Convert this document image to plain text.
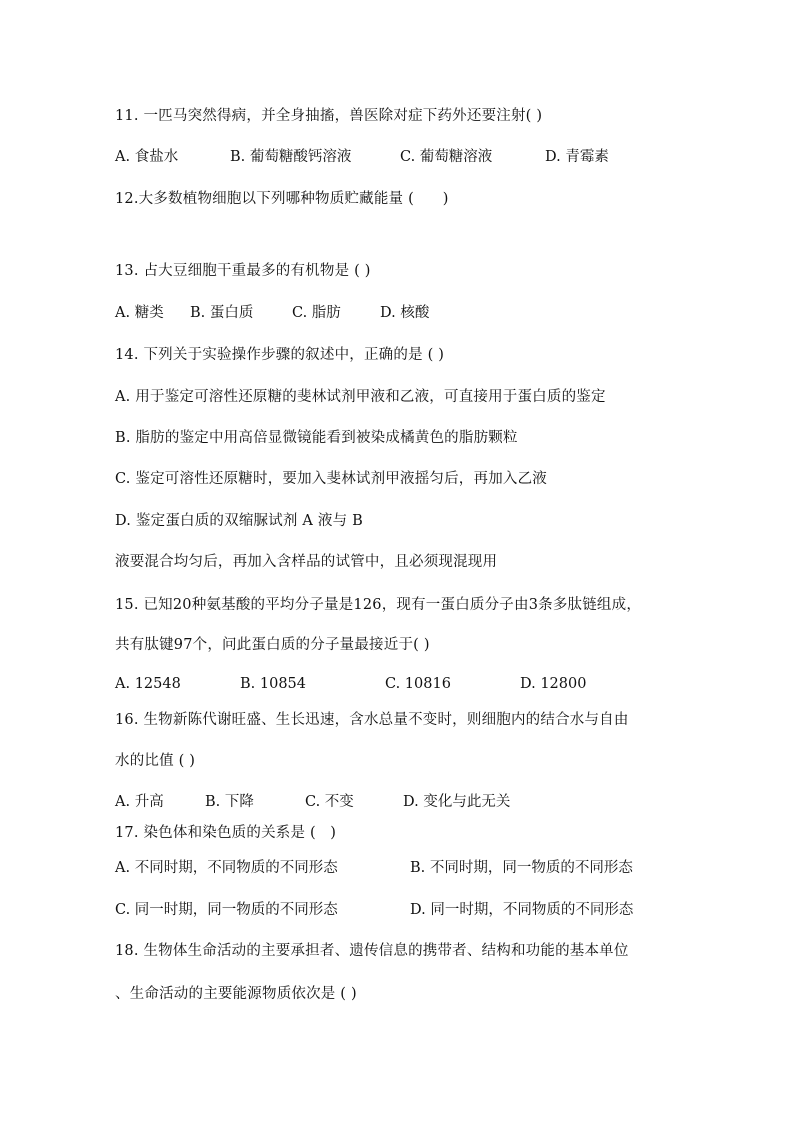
11. 一匹马突然得病，并全身抽搐，兽医除对症下药外还要注射( )
A. 食盐水	B. 葡萄糖酸钙溶液	C. 葡萄糖溶液	D. 青霉素
12.大多数植物细胞以下列哪种物质贮藏能量 (      )
13. 占大豆细胞干重最多的有机物是 ( )
A. 糖类 B. 蛋白质	C. 脂肪	D. 核酸
14. 下列关于实验操作步骤的叙述中，正确的是 ( )
A. 用于鉴定可溶性还原糖的斐林试剂甲液和乙液，可直接用于蛋白质的鉴定
B. 脂肪的鉴定中用高倍显微镜能看到被染成橘黄色的脂肪颗粒
C. 鉴定可溶性还原糖时，要加入斐林试剂甲液摇匀后，再加入乙液
D. 鉴定蛋白质的双缩脲试剂 A 液与 B
液要混合均匀后，再加入含样品的试管中，且必须现混现用
15. 已知20种氨基酸的平均分子量是126，现有一蛋白质分子由3条多肽链组成，
共有肽键97个，问此蛋白质的分子量最接近于( )
A. 12548	B. 10854	C. 10816	D. 12800
16. 生物新陈代谢旺盛、生长迅速，含水总量不变时，则细胞内的结合水与自由
水的比值 ( )
A. 升高	B. 下降	C. 不变	D. 变化与此无关
17. 染色体和染色质的关系是 (   )
A. 不同时期，不同物质的不同形态	B. 不同时期，同一物质的不同形态
C. 同一时期，同一物质的不同形态	D. 同一时期，不同物质的不同形态
18. 生物体生命活动的主要承担者、遗传信息的携带者、结构和功能的基本单位
、生命活动的主要能源物质依次是 ( )
